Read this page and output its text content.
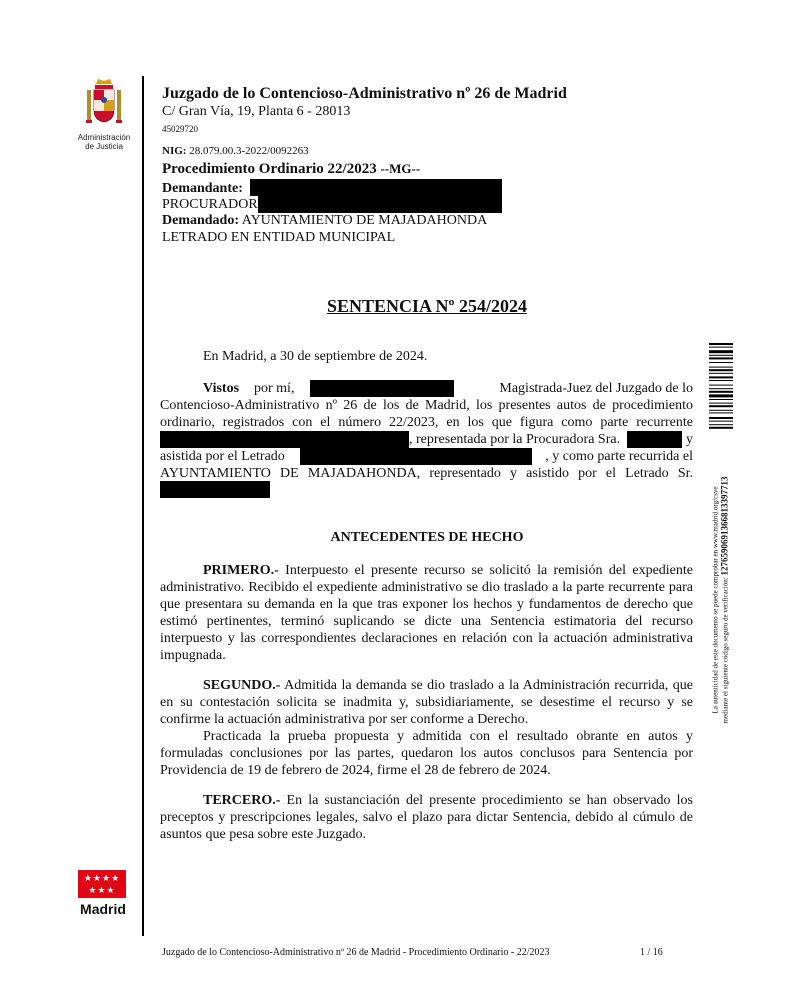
Administración
de Justicia
Juzgado de lo Contencioso-Administrativo nº 26 de Madrid
C/ Gran Vía, 19, Planta 6 - 28013
45029720
NIG: 28.079.00.3-2022/0092263
Procedimiento Ordinario 22/2023 --MG--
Demandante:
PROCURADOR
Demandado: AYUNTAMIENTO DE MAJADAHONDA
LETRADO EN ENTIDAD MUNICIPAL
SENTENCIA Nº 254/2024
En Madrid, a 30 de septiembre de 2024.
Vistos por mí,	Magistrada-Juez del Juzgado de lo
Contencioso-Administrativo nº 26 de los de Madrid, los presentes autos de procedimiento
ordinario, registrados con el número 22/2023, en los que figura como parte recurrente
, representada por la Procuradora Sra.	y
asistida por el Letrado	, y como parte recurrida el
AYUNTAMIENTO DE MAJADAHONDA, representado y asistido por el Letrado Sr.
ANTECEDENTES DE HECHO
PRIMERO.- Interpuesto el presente recurso se solicitó la remisión del expediente administrativo. Recibido el expediente administrativo se dio traslado a la parte recurrente para que presentara su demanda en la que tras exponer los hechos y fundamentos de derecho que estimó pertinentes, terminó suplicando se dicte una Sentencia estimatoria del recurso interpuesto y las correspondientes declaraciones en relación con la actuación administrativa impugnada.
SEGUNDO.- Admitida la demanda se dio traslado a la Administración recurrida, que en su contestación solicita se inadmita y, subsidiariamente, se desestime el recurso y se confirme la actuación administrativa por ser conforme a Derecho.
Practicada la prueba propuesta y admitida con el resultado obrante en autos y formuladas conclusiones por las partes, quedaron los autos conclusos para Sentencia por Providencia de 19 de febrero de 2024, firme el 28 de febrero de 2024.
TERCERO.- En la sustanciación del presente procedimiento se han observado los preceptos y prescripciones legales, salvo el plazo para dictar Sentencia, debido al cúmulo de asuntos que pesa sobre este Juzgado.
La autenticidad de este documento se puede comprobar en www.madrid.org/csve mediante el siguiente código seguro de verificación: 1276590691366813397713
★★★★
★★★
Madrid
Juzgado de lo Contencioso-Administrativo nº 26 de Madrid - Procedimiento Ordinario - 22/2023	1 / 16
